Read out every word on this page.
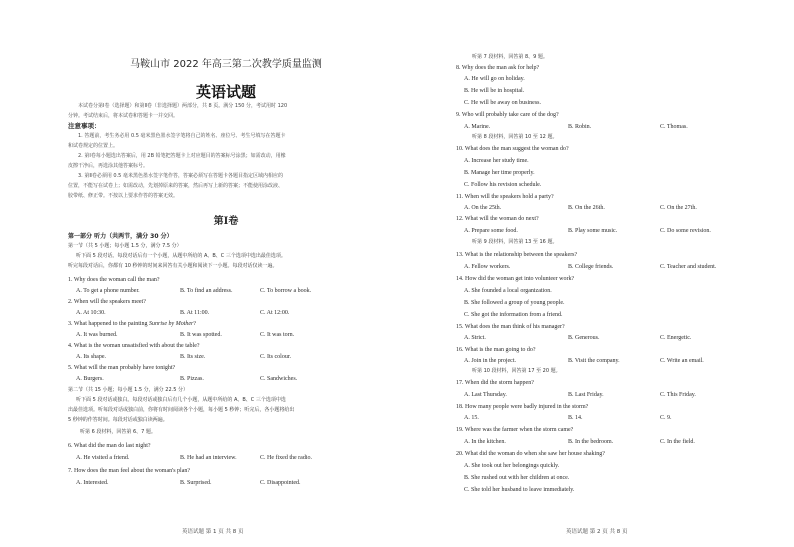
马鞍山市 2022 年高三第二次教学质量监测
英语试题
本试卷分第Ⅰ卷（选择题）和第Ⅱ卷（非选择题）两部分，共 8 页。满分 150 分，考试用时 120
分钟。考试结束后，将本试卷和答题卡一并交回。
注意事项：
1. 答题前，考生务必用 0.5 毫米黑色墨水签字笔将自己的姓名、座位号、考生号填写在答题卡
和试卷规定的位置上。
2. 第Ⅰ卷每小题选出答案后，用 2B 铅笔把答题卡上对应题目的答案标号涂黑；如需改动，用橡
皮擦干净后，再选涂其他答案标号。
3. 第Ⅱ卷必须用 0.5 毫米黑色墨水签字笔作答，答案必须写在答题卡各题目指定区域内相应的
位置，不能写在试卷上；如需改动，先划掉原来的答案，然后再写上新的答案；不能使用涂改液、
胶带纸、修正带。不按以上要求作答的答案无效。
第Ⅰ卷
第一部分 听力（共两节，满分 30 分）
第一节（共 5 小题；每小题 1.5 分，满分 7.5 分）
听下面 5 段对话。每段对话后有一个小题，从题中所给的 A、B、C 三个选项中选出最佳选项。
听完每段对话后，你都有 10 秒钟的时间来回答有关小题和阅读下一小题。每段对话仅读一遍。
1. Why does the woman call the man?
A. To get a phone number.	B. To find an address.	C. To borrow a book.
2. When will the speakers meet?
A. At 10:30.	B. At 11:00.	C. At 12:00.
3. What happened to the painting Sunrise by Mother?
A. It was burned.	B. It was spotted.	C. It was torn.
4. What is the woman unsatisfied with about the table?
A. Its shape.	B. Its size.	C. Its colour.
5. What will the man probably have tonight?
A. Burgers.	B. Pizzas.	C. Sandwiches.
第二节（共 15 小题；每小题 1.5 分，满分 22.5 分）
听下面 5 段对话或独白。每段对话或独白后有几个小题，从题中所给的 A、B、C 三个选项中选
出最佳选项。听每段对话或独白前，你将有时间阅读各个小题，每小题 5 秒钟；听完后，各小题将给出
5 秒钟的作答时间。每段对话或独白读两遍。
听第 6 段材料，回答第 6、7 题。
6. What did the man do last night?
A. He visited a friend.	B. He had an interview.	C. He fixed the radio.
7. How does the man feel about the woman's plan?
A. Interested.	B. Surprised.	C. Disappointed.
英语试题 第 1 页 共 8 页
听第 7 段材料，回答第 8、9 题。
8. Why does the man ask for help?
A. He will go on holiday.
B. He will be in hospital.
C. He will be away on business.
9. Who will probably take care of the dog?
A. Marine.	B. Robin.	C. Thomas.
听第 8 段材料，回答第 10 至 12 题。
10. What does the man suggest the woman do?
A. Increase her study time.
B. Manage her time properly.
C. Follow his revision schedule.
11. When will the speakers hold a party?
A. On the 25th.	B. On the 26th.	C. On the 27th.
12. What will the woman do next?
A. Prepare some food.	B. Play some music.	C. Do some revision.
听第 9 段材料，回答第 13 至 16 题。
13. What is the relationship between the speakers?
A. Fellow workers.	B. College friends.	C. Teacher and student.
14. How did the woman get into volunteer work?
A. She founded a local organization.
B. She followed a group of young people.
C. She got the information from a friend.
15. What does the man think of his manager?
A. Strict.	B. Generous.	C. Energetic.
16. What is the man going to do?
A. Join in the project.	B. Visit the company.	C. Write an email.
听第 10 段材料，回答第 17 至 20 题。
17. When did the storm happen?
A. Last Thursday.	B. Last Friday.	C. This Friday.
18. How many people were badly injured in the storm?
A. 15.	B. 14.	C. 9.
19. Where was the farmer when the storm came?
A. In the kitchen.	B. In the bedroom.	C. In the field.
20. What did the woman do when she saw her house shaking?
A. She took out her belongings quickly.
B. She rushed out with her children at once.
C. She told her husband to leave immediately.
英语试题 第 2 页 共 8 页
